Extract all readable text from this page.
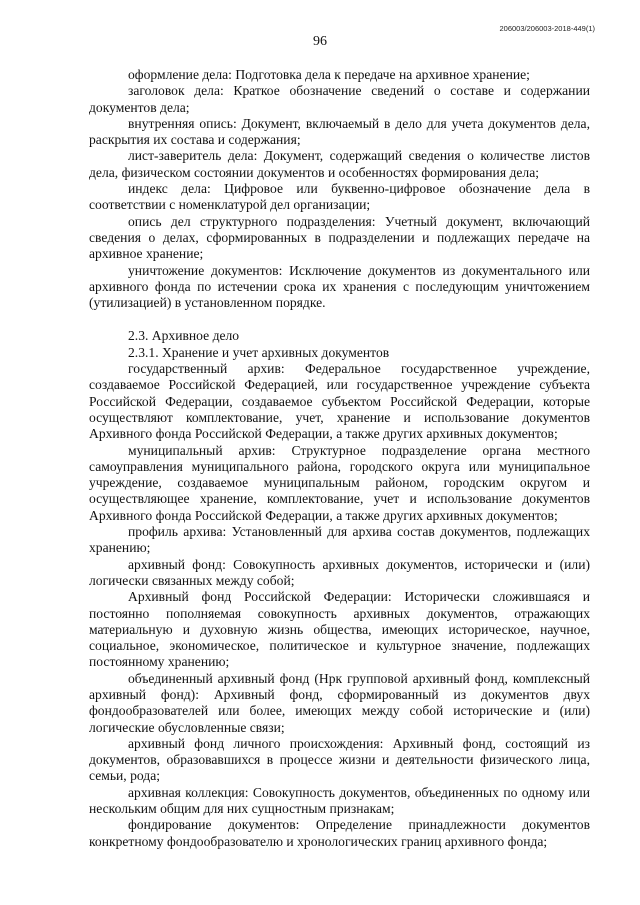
206003/206003-2018-449(1)
96

оформление дела: Подготовка дела к передаче на архивное хранение;

заголовок дела: Краткое обозначение сведений о составе и содержании документов дела;

внутренняя опись: Документ, включаемый в дело для учета документов дела, раскрытия их состава и содержания;

лист-заверитель дела: Документ, содержащий сведения о количестве листов дела, физическом состоянии документов и особенностях формирования дела;

индекс дела: Цифровое или буквенно-цифровое обозначение дела в соответствии с номенклатурой дел организации;

опись дел структурного подразделения: Учетный документ, включающий сведения о делах, сформированных в подразделении и подлежащих передаче на архивное хранение;

уничтожение документов: Исключение документов из документального или архивного фонда по истечении срока их хранения с последующим уничтожением (утилизацией) в установленном порядке.

2.3. Архивное дело

2.3.1. Хранение и учет архивных документов

государственный архив: Федеральное государственное учреждение, создаваемое Российской Федерацией, или государственное учреждение субъекта Российской Федерации, создаваемое субъектом Российской Федерации, которые осуществляют комплектование, учет, хранение и использование документов Архивного фонда Российской Федерации, а также других архивных документов;

муниципальный архив: Структурное подразделение органа местного самоуправления муниципального района, городского округа или муниципальное учреждение, создаваемое муниципальным районом, городским округом и осуществляющее хранение, комплектование, учет и использование документов Архивного фонда Российской Федерации, а также других архивных документов;

профиль архива: Установленный для архива состав документов, подлежащих хранению;

архивный фонд: Совокупность архивных документов, исторически и (или) логически связанных между собой;

Архивный фонд Российской Федерации: Исторически сложившаяся и постоянно пополняемая совокупность архивных документов, отражающих материальную и духовную жизнь общества, имеющих историческое, научное, социальное, экономическое, политическое и культурное значение, подлежащих постоянному хранению;

объединенный архивный фонд (Нрк групповой архивный фонд, комплексный архивный фонд): Архивный фонд, сформированный из документов двух фондообразователей или более, имеющих между собой исторические и (или) логические обусловленные связи;

архивный фонд личного происхождения: Архивный фонд, состоящий из документов, образовавшихся в процессе жизни и деятельности физического лица, семьи, рода;

архивная коллекция: Совокупность документов, объединенных по одному или нескольким общим для них сущностным признакам;

фондирование документов: Определение принадлежности документов конкретному фондообразователю и хронологических границ архивного фонда;
